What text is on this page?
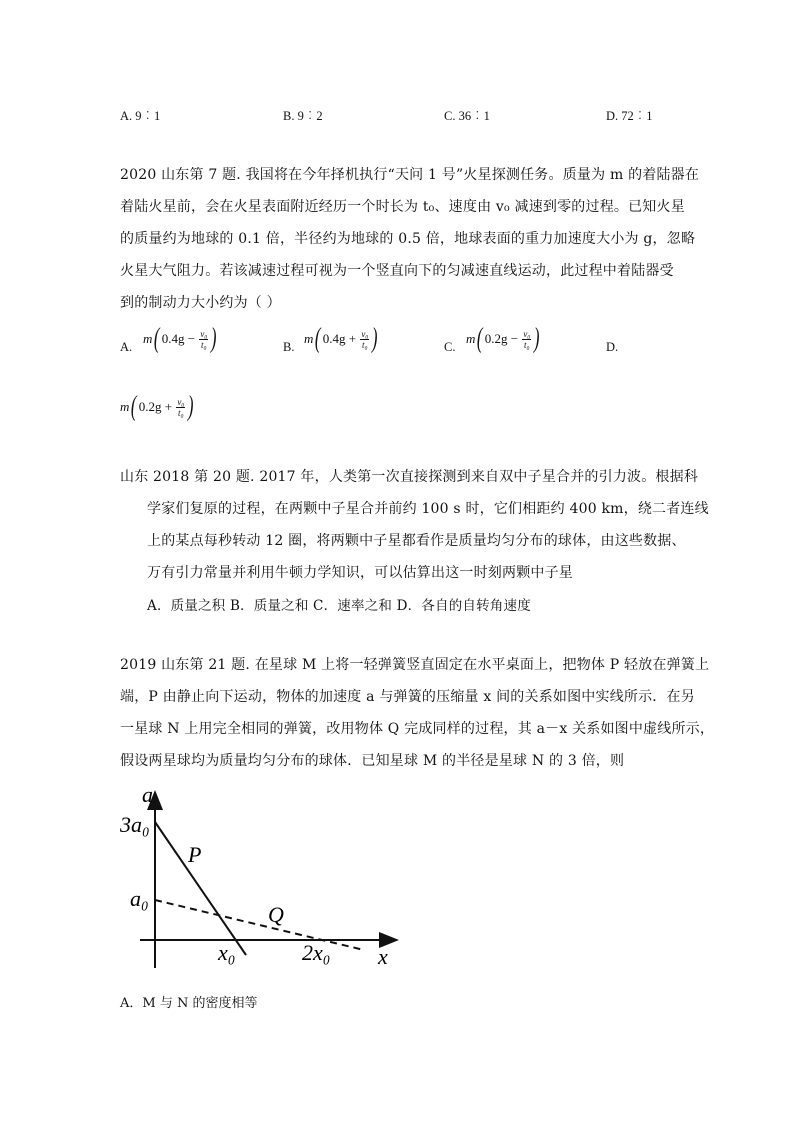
A. 9︰1	B. 9︰2	C. 36︰1	D. 72︰1
2020 山东第 7 题. 我国将在今年择机执行“天问 1 号”火星探测任务。质量为 m 的着陆器在
着陆火星前，会在火星表面附近经历一个时长为 t₀、速度由 v₀ 减速到零的过程。已知火星
的质量约为地球的 0.1 倍，半径约为地球的 0.5 倍，地球表面的重力加速度大小为 g，忽略
火星大气阻力。若该减速过程可视为一个竖直向下的匀减速直线运动，此过程中着陆器受
到的制动力大小约为（ ）
A.
m ( 0.4g
−
$\frac{\text{v₀}}{\text{t₀}}$ )	B.
m ( 0.4g
+
$\frac{\text{v₀}}{\text{t₀}}$ )	C.
m ( 0.2g
−
$\frac{\text{v₀}}{\text{t₀}}$ )	D.
m ( 0.2g
+
$\frac{\text{v₀}}{\text{t₀}}$ )
山东 2018 第 20 题. 2017 年，人类第一次直接探测到来自双中子星合并的引力波。根据科
学家们复原的过程，在两颗中子星合并前约 100 s 时，它们相距约 400 km，绕二者连线
上的某点每秒转动 12 圈，将两颗中子星都看作是质量均匀分布的球体，由这些数据、
万有引力常量并利用牛顿力学知识，可以估算出这一时刻两颗中子星
A．质量之积 B．质量之和 C．速率之和 D．各自的自转角速度
2019 山东第 21 题. 在星球 M 上将一轻弹簧竖直固定在水平桌面上，把物体 P 轻放在弹簧上
端，P 由静止向下运动，物体的加速度 a 与弹簧的压缩量 x 间的关系如图中实线所示．在另
一星球 N 上用完全相同的弹簧，改用物体 Q 完成同样的过程，其 a－x 关系如图中虚线所示，
假设两星球均为质量均匀分布的球体．已知星球 M 的半径是星球 N 的 3 倍，则
a
3a₀
a₀
P
Q
x₀	2x₀ x
A．M 与 N 的密度相等
